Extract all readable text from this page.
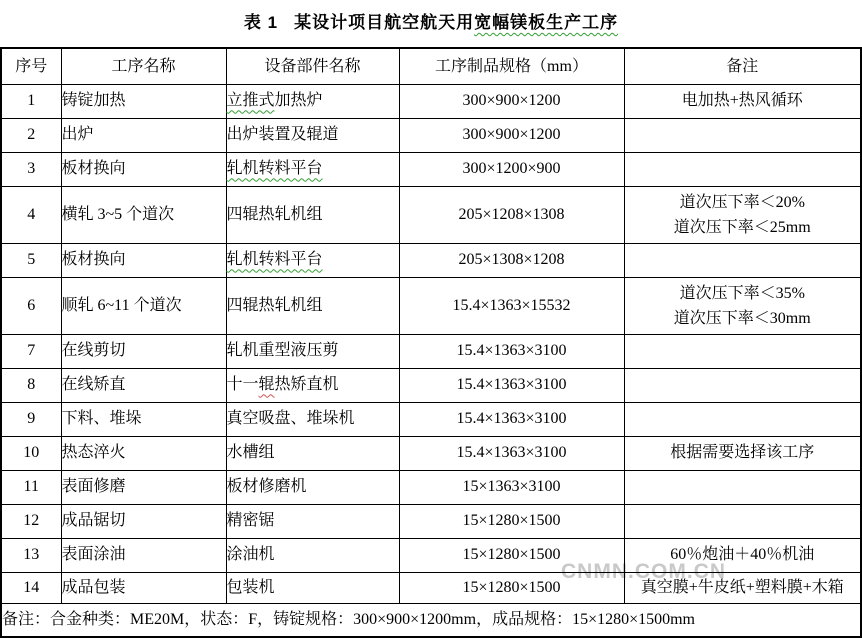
表 1 某设计项目航空航天用宽幅镁板生产工序
CNMN.COM.CN
序号	工序名称	设备部件名称	工序制品规格（mm）	备注
1	铸锭加热	立推式加热炉	300×900×1200	电加热+热风循环
2	出炉	出炉装置及辊道	300×900×1200	
3	板材换向	轧机转料平台	300×1200×900	
4	横轧 3~5 个道次	四辊热轧机组	205×1208×1308	道次压下率＜20%
道次压下率＜25mm

5	板材换向	轧机转料平台	205×1308×1208	
6	顺轧 6~11 个道次	四辊热轧机组	15.4×1363×15532	道次压下率＜35%
道次压下率＜30mm

7	在线剪切	轧机重型液压剪	15.4×1363×3100	
8	在线矫直	十一辊热矫直机	15.4×1363×3100	
9	下料、堆垛	真空吸盘、堆垛机	15.4×1363×3100	
10	热态淬火	水槽组	15.4×1363×3100	根据需要选择该工序
11	表面修磨	板材修磨机	15×1363×3100	
12	成品锯切	精密锯	15×1280×1500	
13	表面涂油	涂油机	15×1280×1500	60％炮油＋40％机油
14	成品包装	包装机	15×1280×1500	真空膜+牛皮纸+塑料膜+木箱
备注：合金种类：ME20M，状态：F，铸锭规格：300×900×1200mm，成品规格：15×1280×1500mm				
